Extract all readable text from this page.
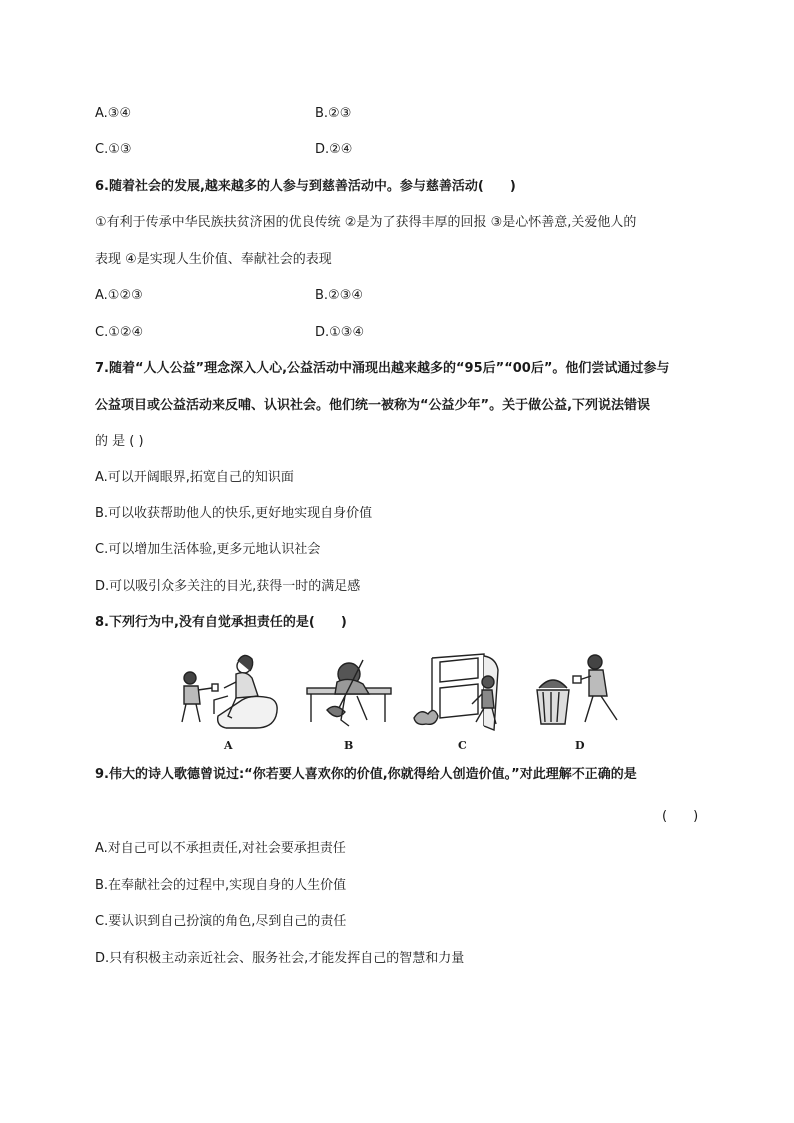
A.③④	B.②③
C.①③	D.②④
6.随着社会的发展,越来越多的人参与到慈善活动中。参与慈善活动(　　)
①有利于传承中华民族扶贫济困的优良传统 ②是为了获得丰厚的回报 ③是心怀善意,关爱他人的
表现 ④是实现人生价值、奉献社会的表现
A.①②③	B.②③④
C.①②④	D.①③④
7.随着“人人公益”理念深入人心,公益活动中涌现出越来越多的“95后”“00后”。他们尝试通过参与
公益项目或公益活动来反哺、认识社会。他们统一被称为“公益少年”。关于做公益,下列说法错误
的 是 ( )
A.可以开阔眼界,拓宽自己的知识面
B.可以收获帮助他人的快乐,更好地实现自身价值
C.可以增加生活体验,更多元地认识社会
D.可以吸引众多关注的目光,获得一时的满足感
8.下列行为中,没有自觉承担责任的是(　　)
A	B	C	D
9.伟大的诗人歌德曾说过:“你若要人喜欢你的价值,你就得给人创造价值。”对此理解不正确的是
(　　)
A.对自己可以不承担责任,对社会要承担责任
B.在奉献社会的过程中,实现自身的人生价值
C.要认识到自己扮演的角色,尽到自己的责任
D.只有积极主动亲近社会、服务社会,才能发挥自己的智慧和力量
